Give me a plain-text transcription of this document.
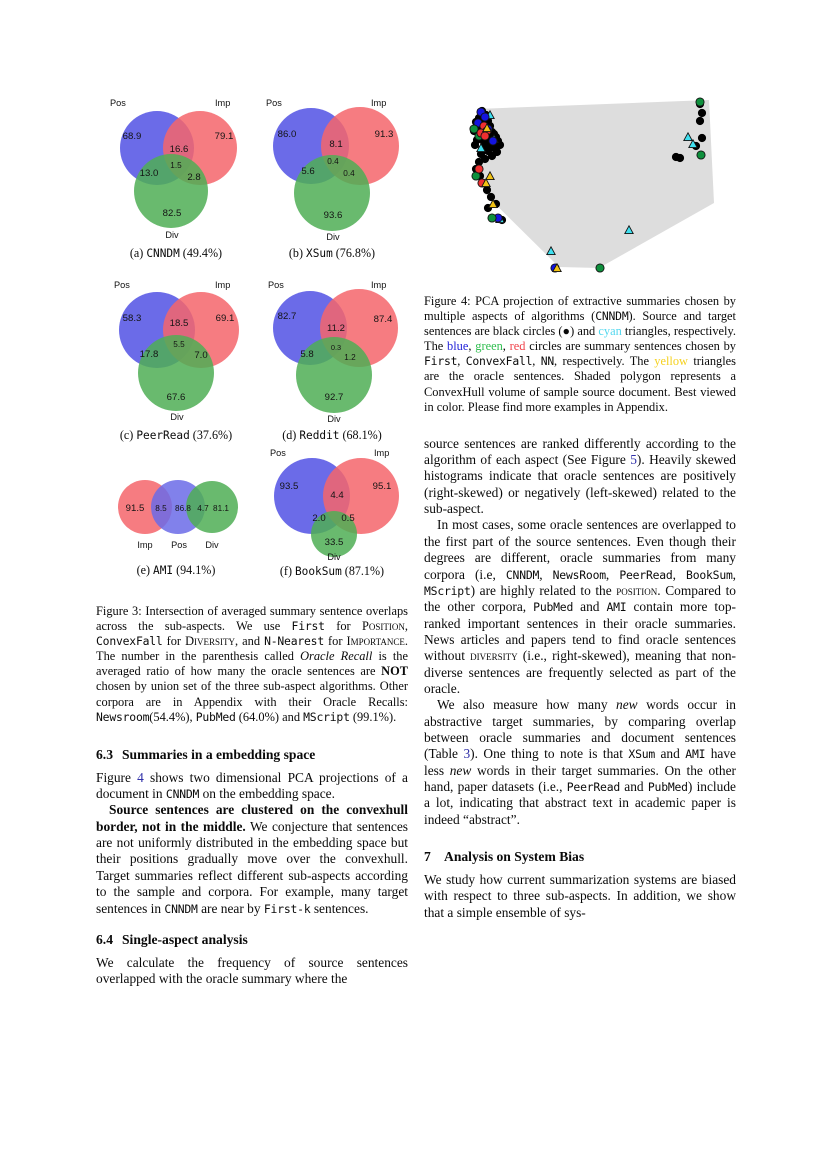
Pos	Imp
68.9	79.1
82.5
16.6
13.0	2.8
1.5
Div
(a) CNNDM (49.4%)
Pos	Imp
86.0	91.3
93.6
8.1
5.6	0.4
0.4
Div
(b) XSum (76.8%)
Pos	Imp
58.3	69.1
67.6
18.5
17.8	7.0
5.5
Div
(c) PeerRead (37.6%)
Pos	Imp
82.7	87.4
92.7
11.2
5.8	1.2
0.3
Div
(d) Reddit (68.1%)
91.5 8.5 86.8 4.7 81.1
Imp Pos Div
(e) AMI (94.1%)
Pos	Imp
93.5	95.1
33.5
4.4
2.0 0.5
Div
(f) BookSum (87.1%)
Figure 3: Intersection of averaged summary sentence overlaps across the sub-aspects. We use First for Position, ConvexFall for Diversity, and N-Nearest for Importance. The number in the parenthesis called Oracle Recall is the averaged ratio of how many the oracle sentences are NOT chosen by union set of the three sub-aspect algorithms. Other corpora are in Appendix with their Oracle Recalls: Newsroom(54.4%), PubMed (64.0%) and MScript (99.1%).
6.3 Summaries in a embedding space
Figure 4 shows two dimensional PCA projections of a document in CNNDM on the embedding space.
Source sentences are clustered on the convexhull border, not in the middle. We conjecture that sentences are not uniformly distributed in the embedding space but their positions gradually move over the convexhull. Target summaries reflect different sub-aspects according to the sample and corpora. For example, many target sentences in CNNDM are near by First-k sentences.
6.4 Single-aspect analysis
We calculate the frequency of source sentences overlapped with the oracle summary where the
Figure 4: PCA projection of extractive summaries chosen by multiple aspects of algorithms (CNNDM). Source and target sentences are black circles (●) and cyan triangles, respectively. The blue, green, red circles are summary sentences chosen by First, ConvexFall, NN, respectively. The yellow triangles are the oracle sentences. Shaded polygon represents a ConvexHull volume of sample source document. Best viewed in color. Please find more examples in Appendix.
source sentences are ranked differently according to the algorithm of each aspect (See Figure 5). Heavily skewed histograms indicate that oracle sentences are positively (right-skewed) or negatively (left-skewed) related to the sub-aspect.
In most cases, some oracle sentences are overlapped to the first part of the source sentences. Even though their degrees are different, oracle summaries from many corpora (i.e, CNNDM, NewsRoom, PeerRead, BookSum, MScript) are highly related to the position. Compared to the other corpora, PubMed and AMI contain more top-ranked important sentences in their oracle summaries. News articles and papers tend to find oracle sentences without diversity (i.e., right-skewed), meaning that non-diverse sentences are frequently selected as part of the oracle.
We also measure how many new words occur in abstractive target summaries, by comparing overlap between oracle summaries and document sentences (Table 3). One thing to note is that XSum and AMI have less new words in their target summaries. On the other hand, paper datasets (i.e., PeerRead and PubMed) include a lot, indicating that abstract text in academic paper is indeed “abstract”.
7 Analysis on System Bias
We study how current summarization systems are biased with respect to three sub-aspects. In addition, we show that a simple ensemble of sys-
